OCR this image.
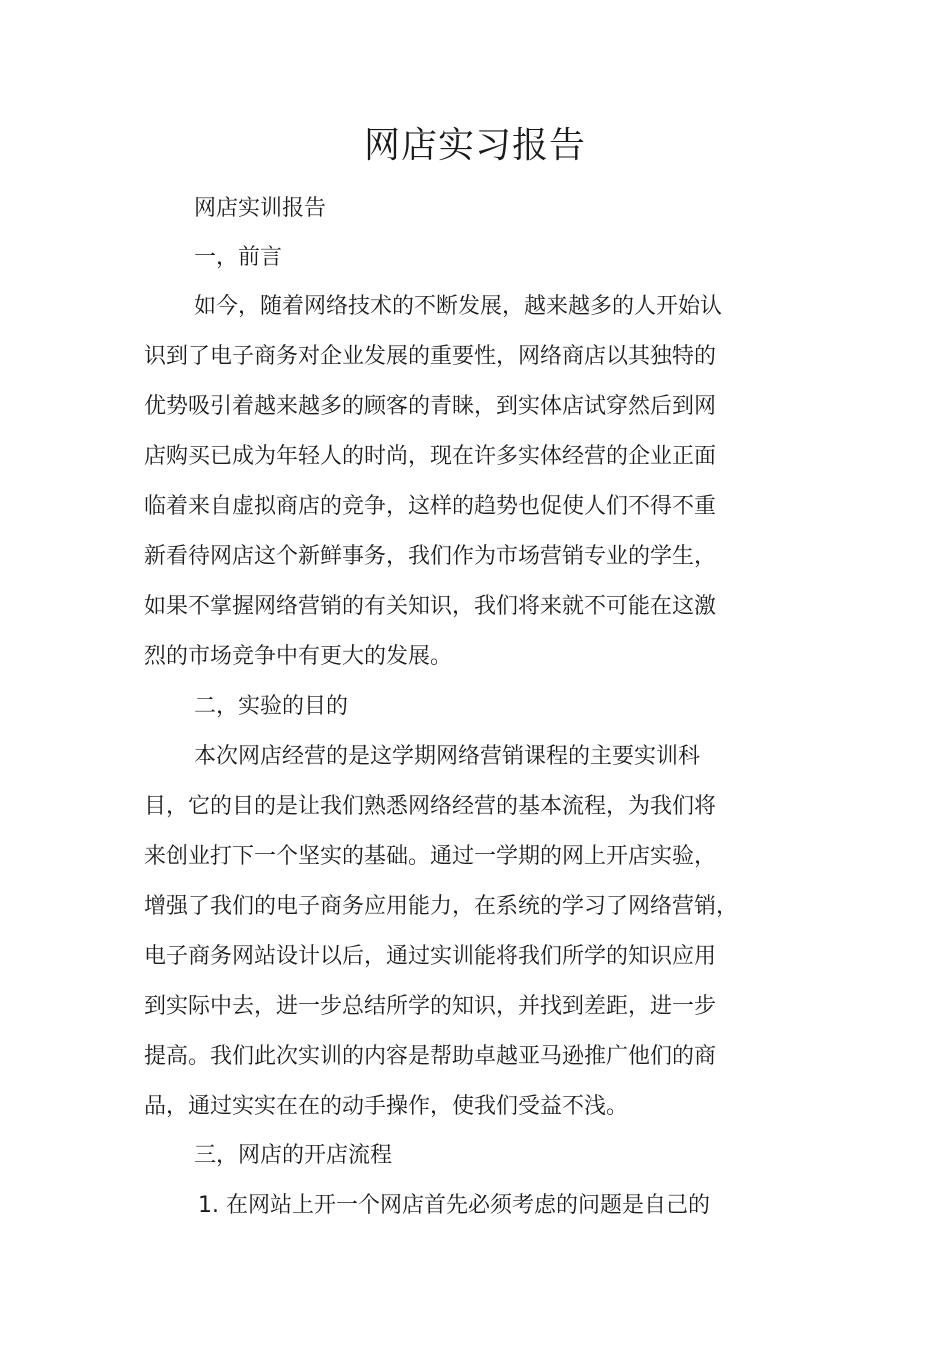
网店实习报告

网店实训报告

一，前言

如今，随着网络技术的不断发展，越来越多的人开始认

识到了电子商务对企业发展的重要性，网络商店以其独特的

优势吸引着越来越多的顾客的青睐，到实体店试穿然后到网

店购买已成为年轻人的时尚，现在许多实体经营的企业正面

临着来自虚拟商店的竞争，这样的趋势也促使人们不得不重

新看待网店这个新鲜事务，我们作为市场营销专业的学生，

如果不掌握网络营销的有关知识，我们将来就不可能在这激

烈的市场竞争中有更大的发展。

二，实验的目的

本次网店经营的是这学期网络营销课程的主要实训科

目，它的目的是让我们熟悉网络经营的基本流程，为我们将

来创业打下一个坚实的基础。通过一学期的网上开店实验，

增强了我们的电子商务应用能力，在系统的学习了网络营销，

电子商务网站设计以后，通过实训能将我们所学的知识应用

到实际中去，进一步总结所学的知识，并找到差距，进一步

提高。我们此次实训的内容是帮助卓越亚马逊推广他们的商

品，通过实实在在的动手操作，使我们受益不浅。

三，网店的开店流程

1. 在网站上开一个网店首先必须考虑的问题是自己的
